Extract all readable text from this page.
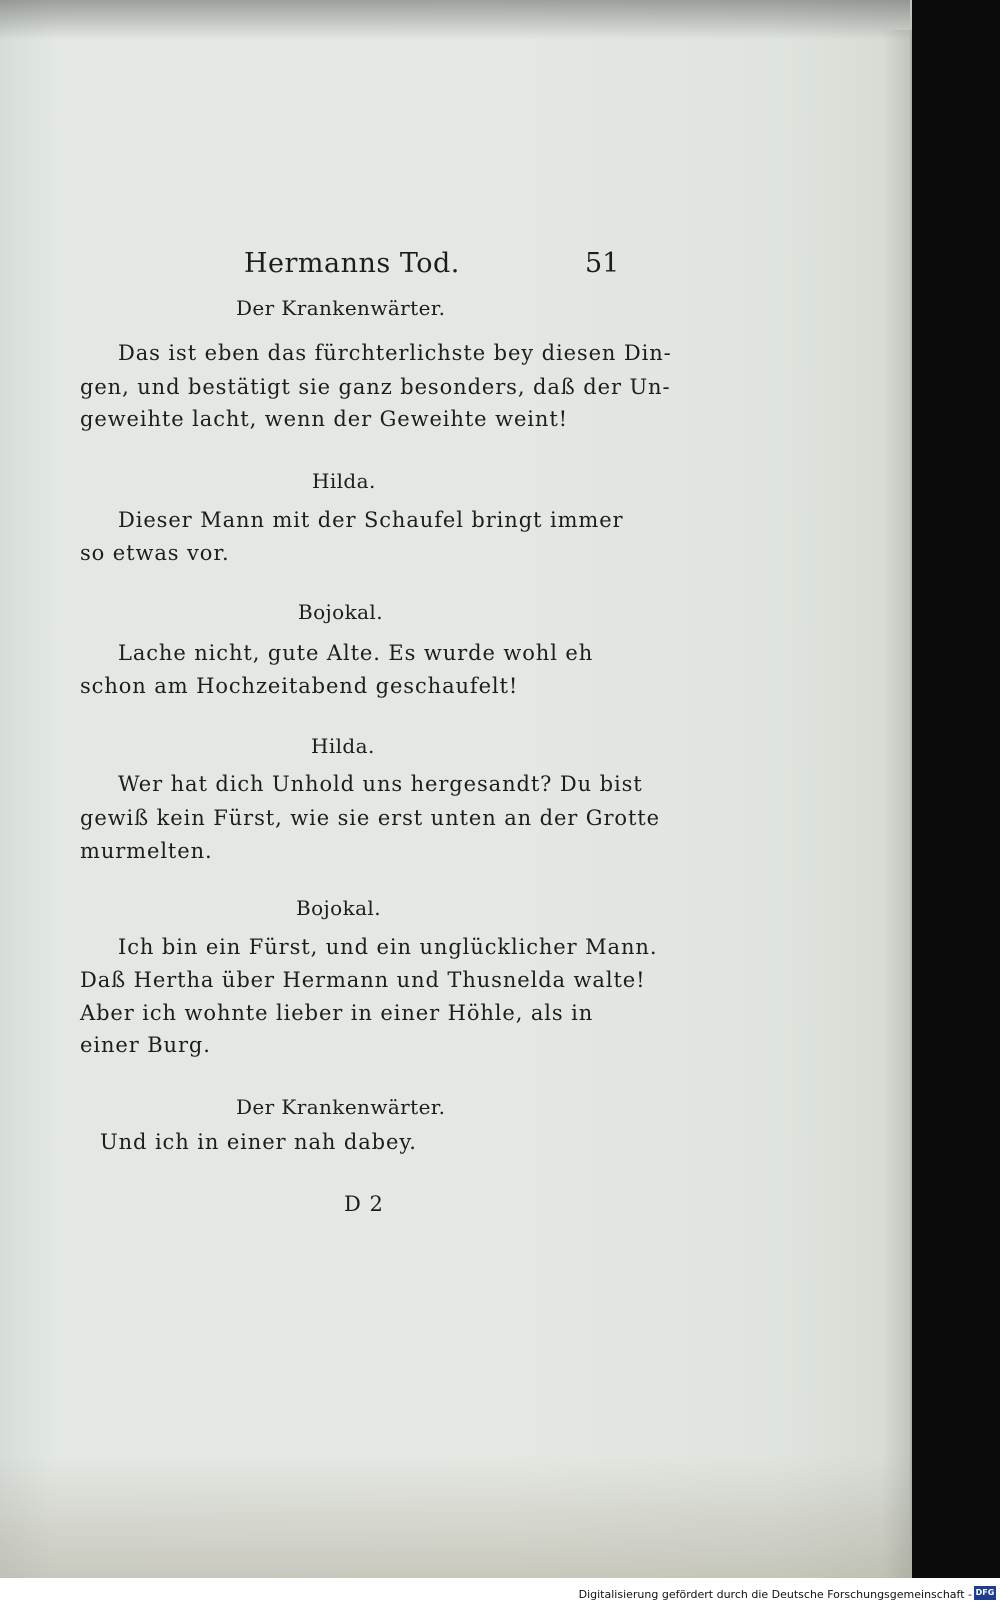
Hermanns Tod.	51
Der Krankenwärter.
Das ist eben das fürchterlichste bey diesen Din-
gen, und bestätigt sie ganz besonders, daß der Un-
geweihte lacht, wenn der Geweihte weint!
Hilda.
Dieser Mann mit der Schaufel bringt immer
so etwas vor.
Bojokal.
Lache nicht, gute Alte. Es wurde wohl eh
schon am Hochzeitabend geschaufelt!
Hilda.
Wer hat dich Unhold uns hergesandt? Du bist
gewiß kein Fürst, wie sie erst unten an der Grotte
murmelten.
Bojokal.
Ich bin ein Fürst, und ein unglücklicher Mann.
Daß Hertha über Hermann und Thusnelda walte!
Aber ich wohnte lieber in einer Höhle, als in
einer Burg.
Der Krankenwärter.
Und ich in einer nah dabey.
D 2
Digitalisierung gefördert durch die Deutsche Forschungsgemeinschaft - DFG
